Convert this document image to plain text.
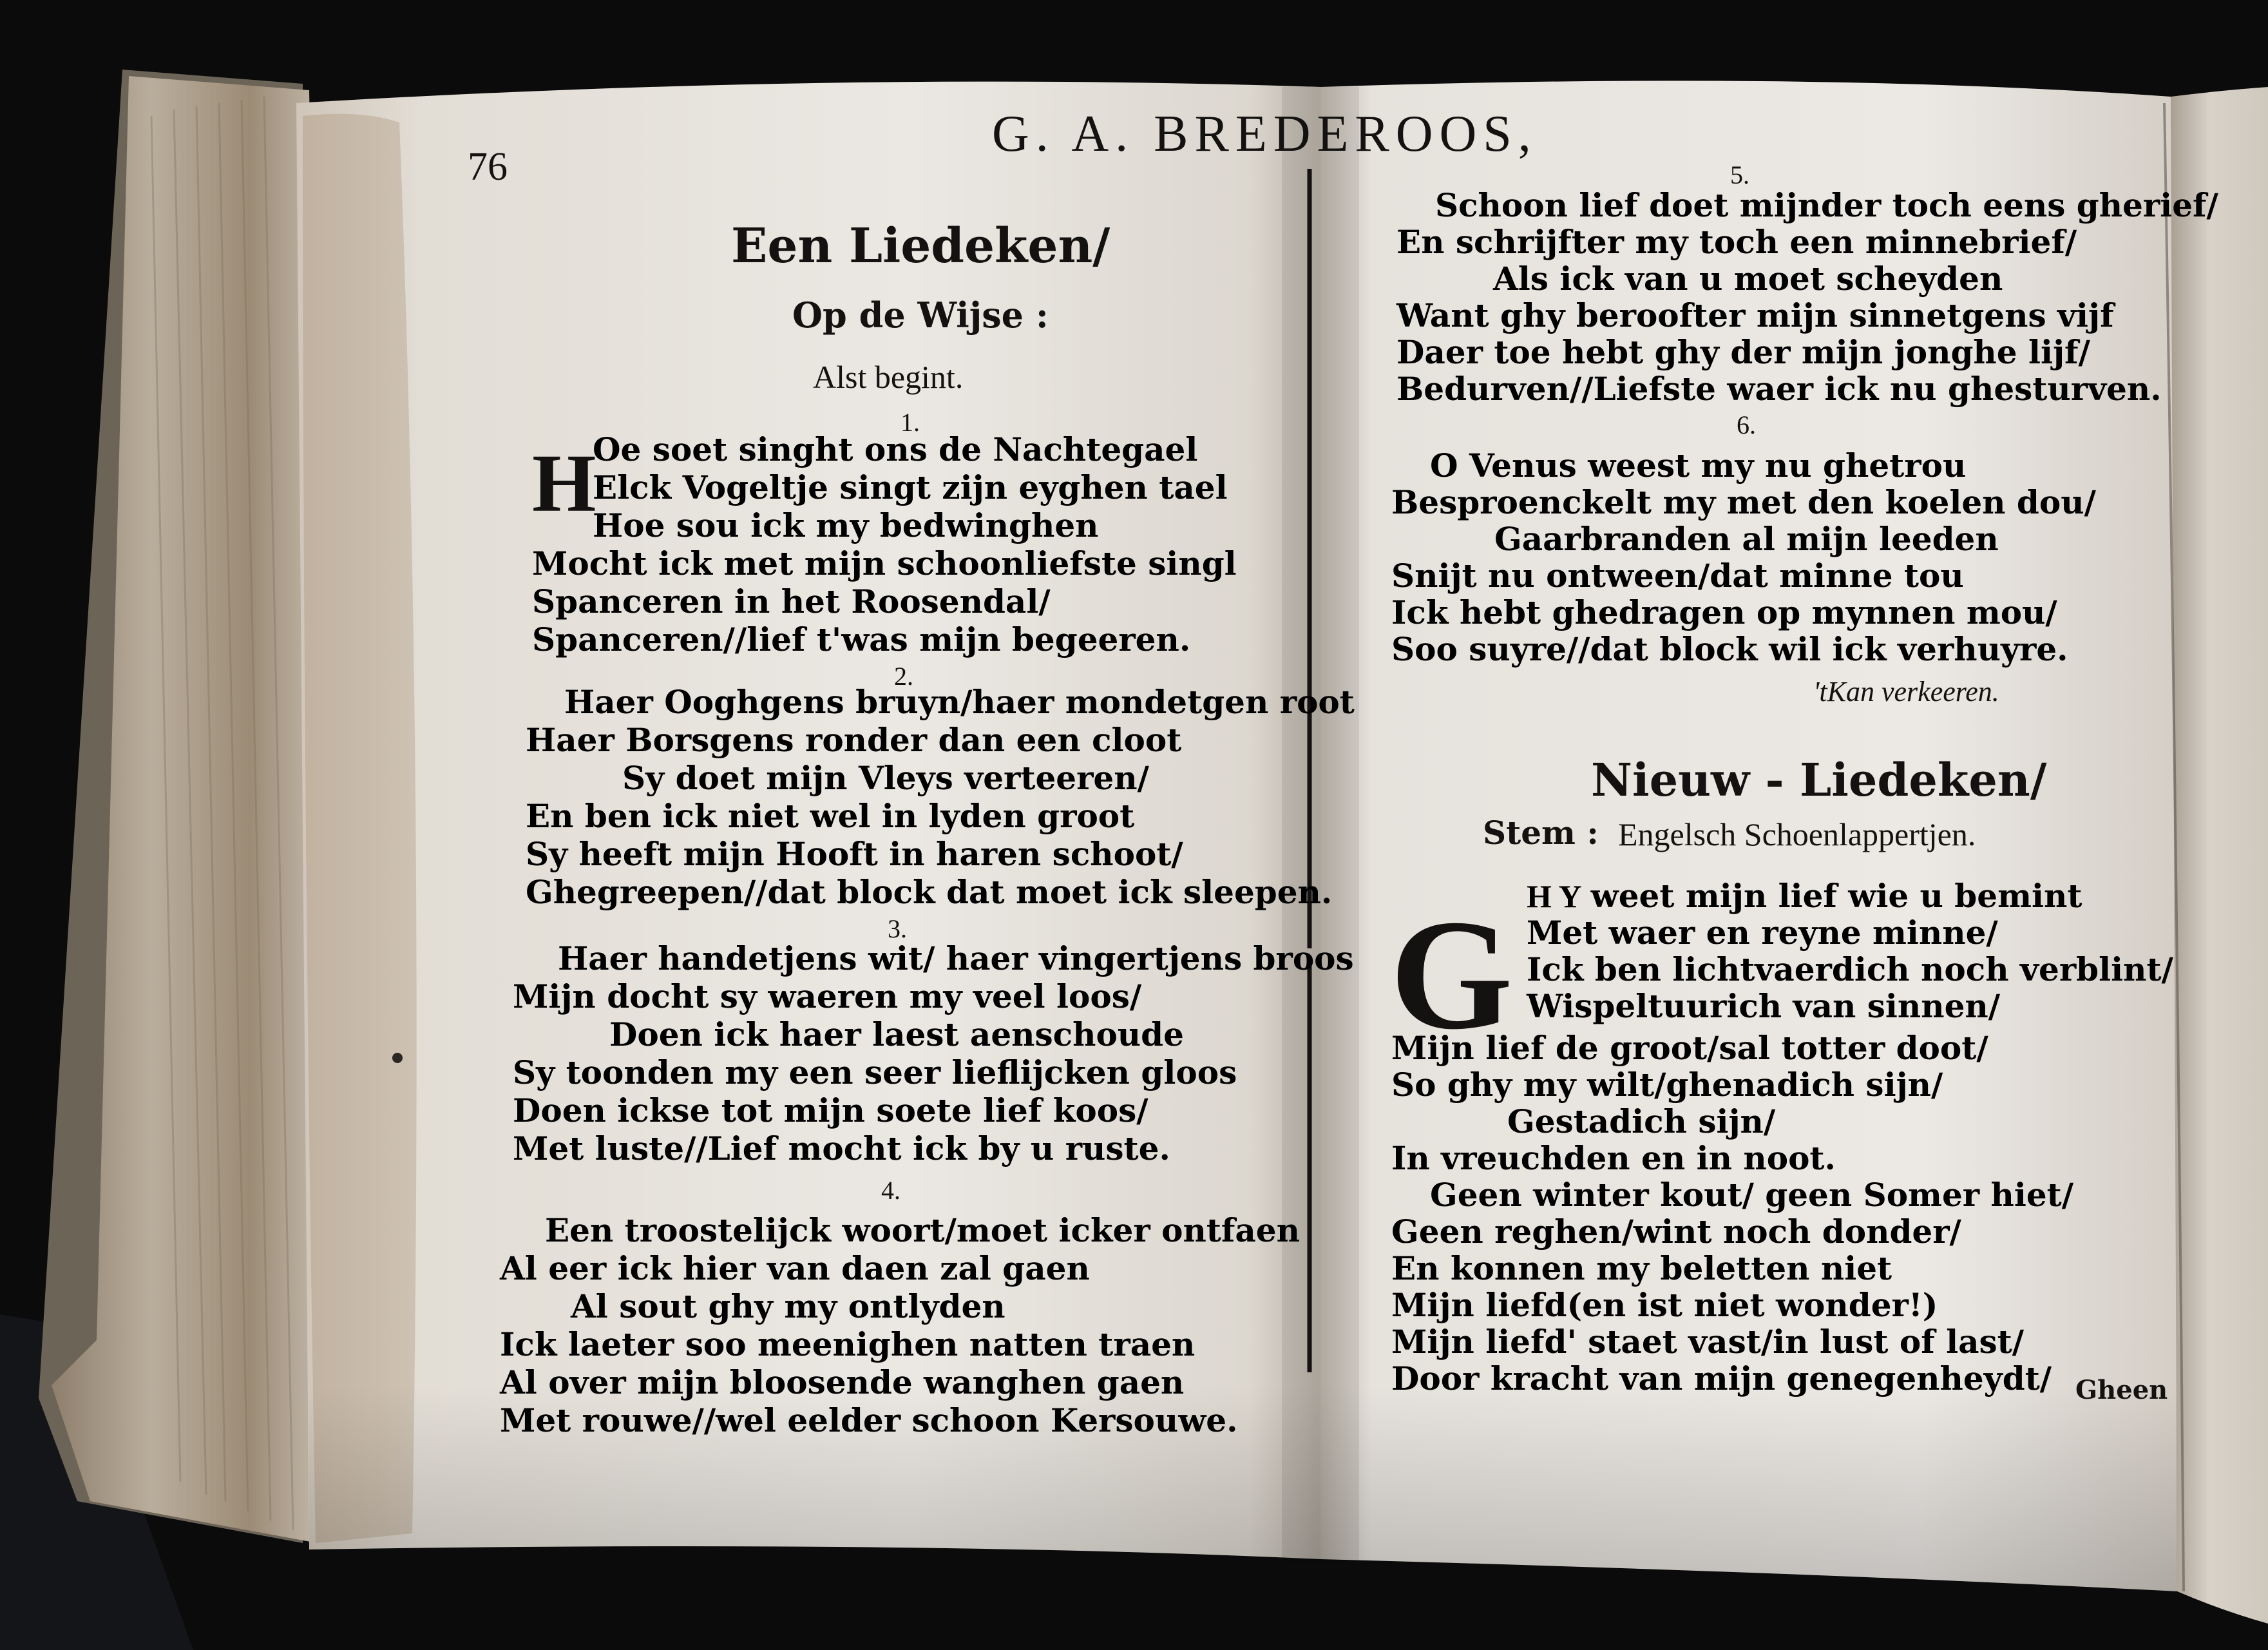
76
G. A. BREDEROOS,
Een Liedeken/
Op de Wijse :
Alst begint.
1.
H
Oe soet singht ons de Nachtegael
Elck Vogeltje singt zijn eyghen tael
Hoe sou ick my bedwinghen
Mocht ick met mijn schoonliefste singl
Spanceren in het Roosendal/
Spanceren//lief t'was mijn begeeren.
2.
Haer Ooghgens bruyn/haer mondetgen root
Haer Borsgens ronder dan een cloot
Sy doet mijn Vleys verteeren/
En ben ick niet wel in lyden groot
Sy heeft mijn Hooft in haren schoot/
Ghegreepen//dat block dat moet ick sleepen.
3.
Haer handetjens wit/ haer vingertjens broos
Mijn docht sy waeren my veel loos/
Doen ick haer laest aenschoude
Sy toonden my een seer lieflijcken gloos
Doen ickse tot mijn soete lief koos/
Met luste//Lief mocht ick by u ruste.
4.
Een troostelijck woort/moet icker ontfaen
Al eer ick hier van daen zal gaen
Al sout ghy my ontlyden
Ick laeter soo meenighen natten traen
Al over mijn bloosende wanghen gaen
Met rouwe//wel eelder schoon Kersouwe.
5.
Schoon lief doet mijnder toch eens gherief/
En schrijfter my toch een minnebrief/
Als ick van u moet scheyden
Want ghy beroofter mijn sinnetgens vijf
Daer toe hebt ghy der mijn jonghe lijf/
Bedurven//Liefste waer ick nu ghesturven.
6.
O Venus weest my nu ghetrou
Besproenckelt my met den koelen dou/
Gaarbranden al mijn leeden
Snijt nu ontween/dat minne tou
Ick hebt ghedragen op mynnen mou/
Soo suyre//dat block wil ick verhuyre.
'tKan verkeeren.
Nieuw - Liedeken/
Stem : Engelsch Schoenlappertjen.
G H Y weet mijn lief wie u bemint
Met waer en reyne minne/
Ick ben lichtvaerdich noch verblint/
Wispeltuurich van sinnen/
Mijn lief de groot/sal totter doot/
So ghy my wilt/ghenadich sijn/
Gestadich sijn/
In vreuchden en in noot.
Geen winter kout/ geen Somer hiet/
Geen reghen/wint noch donder/
En konnen my beletten niet
Mijn liefd(en ist niet wonder!)
Mijn liefd' staet vast/in lust of last/
Door kracht van mijn genegenheydt/ Gheen
